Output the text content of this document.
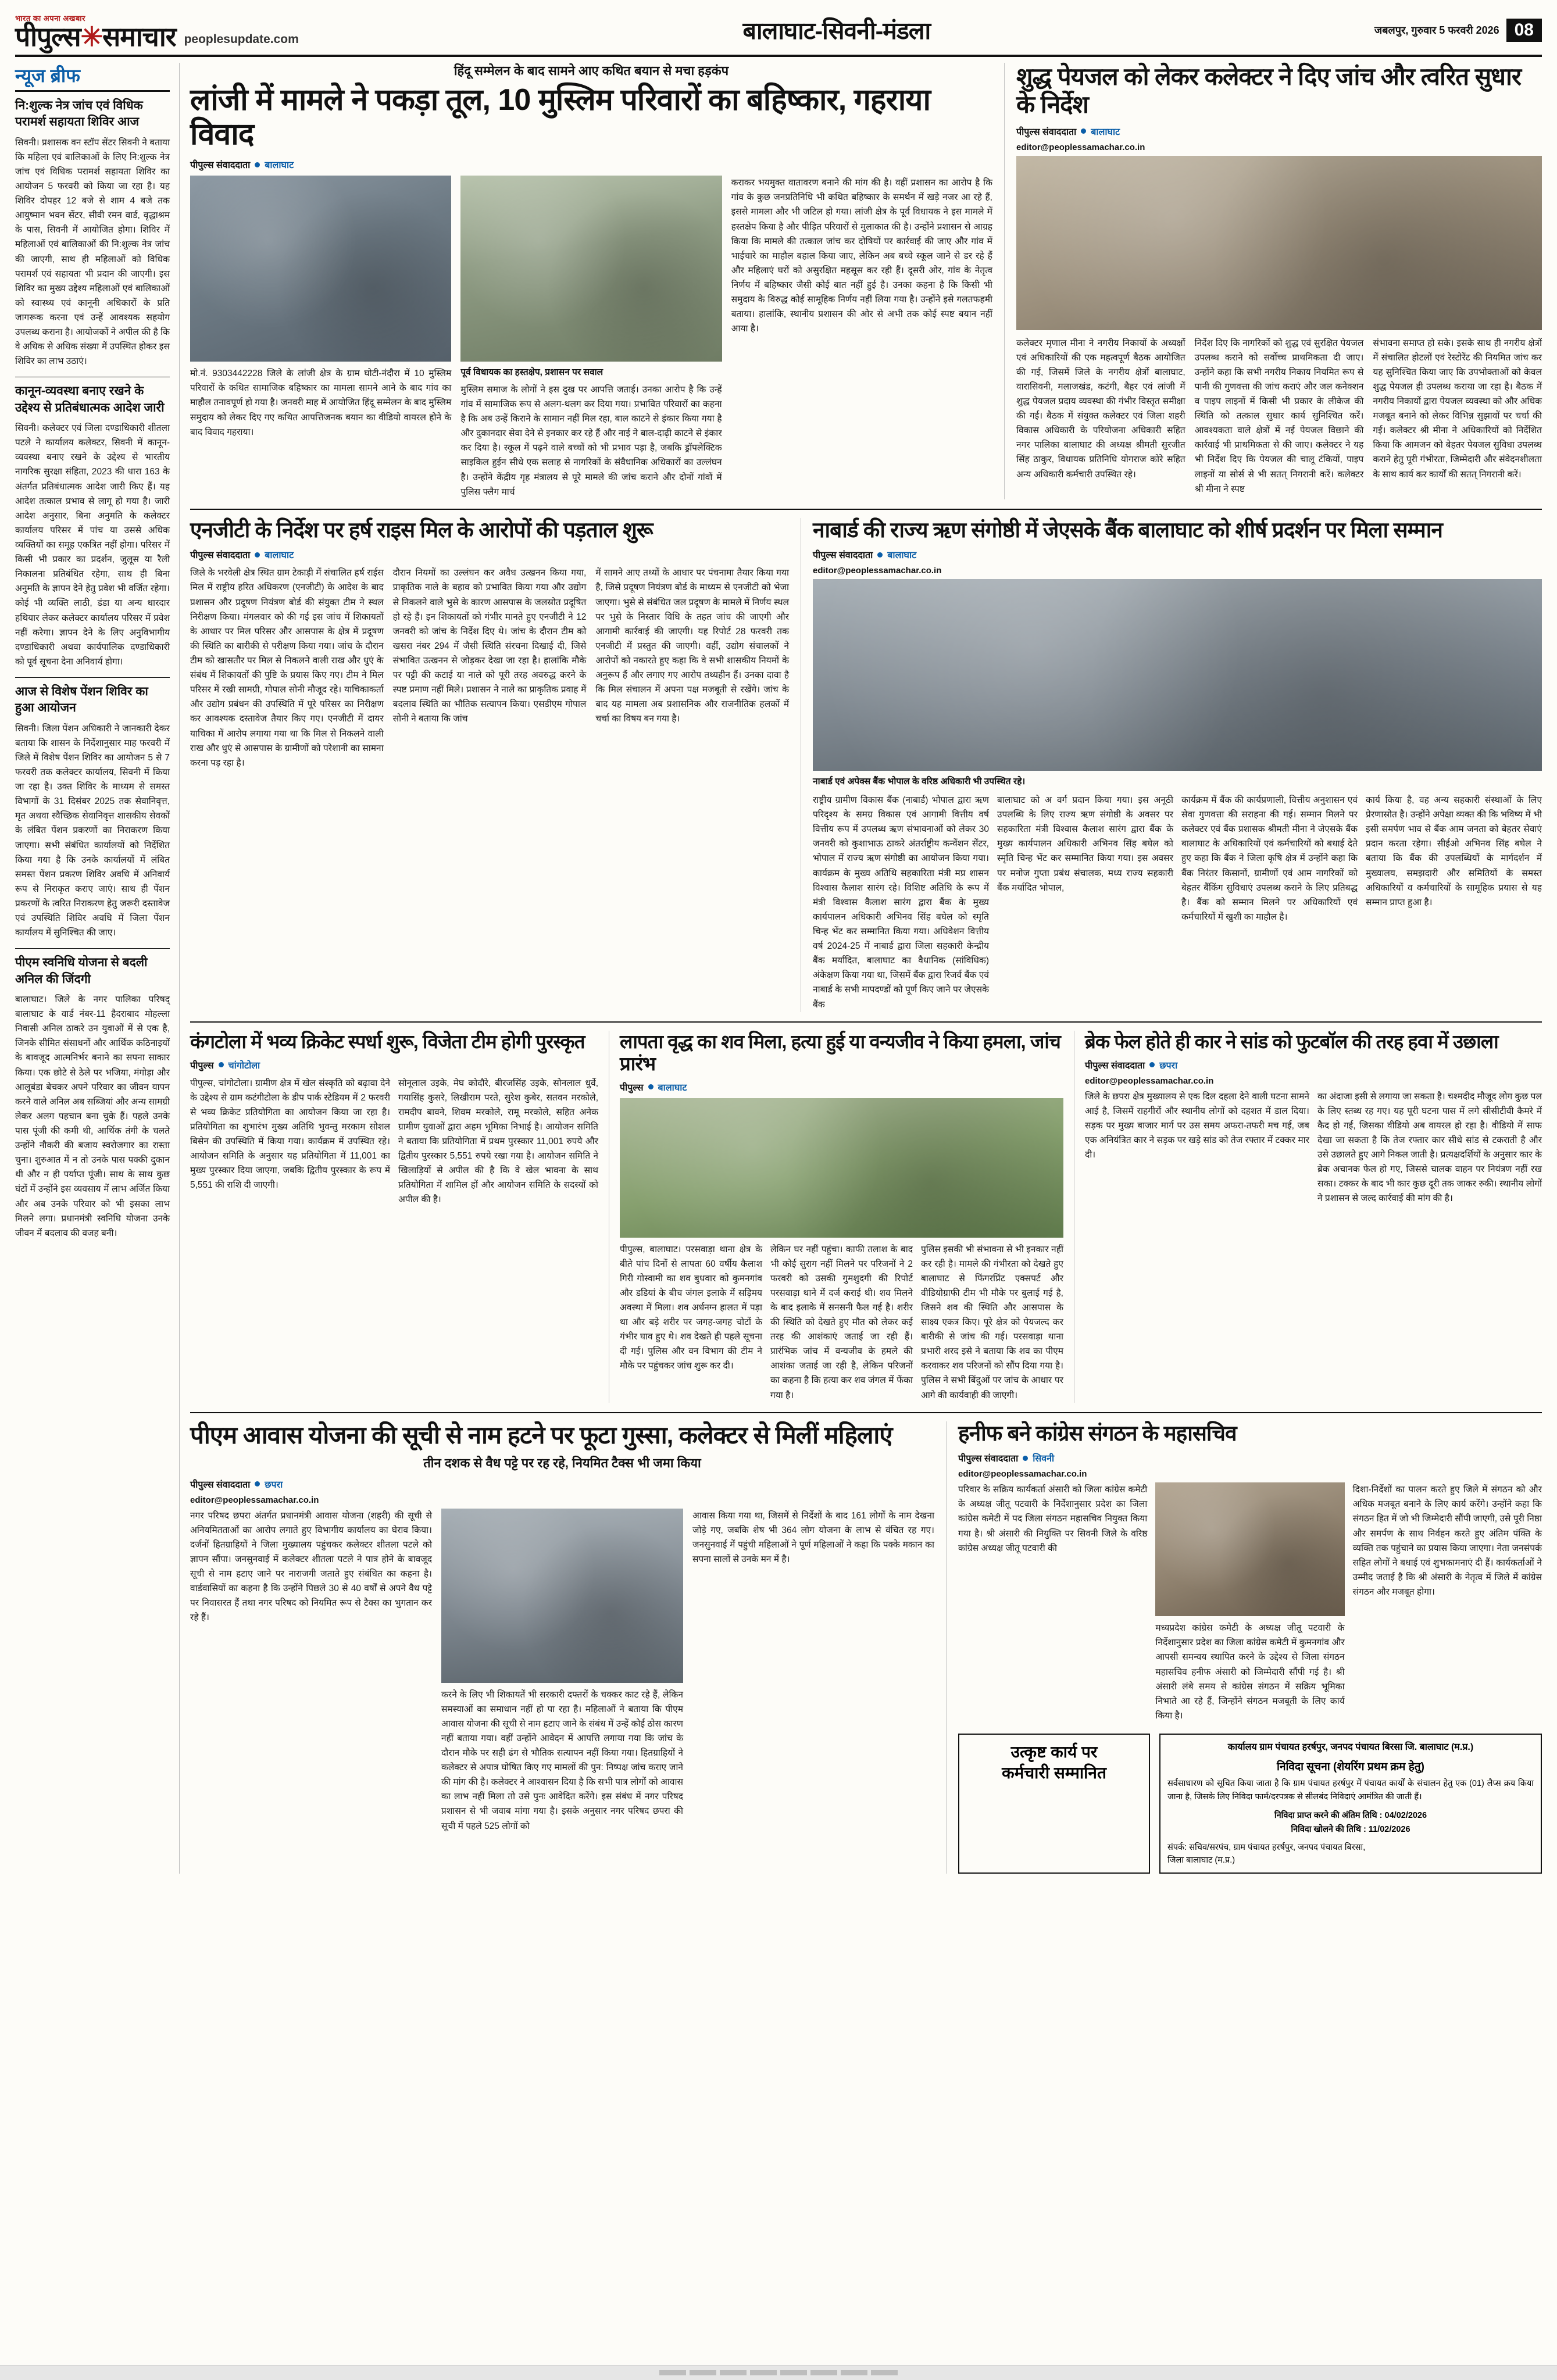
भारत का अपना अखबार
पीपुल्स✳समाचार peoplesupdate.com	बालाघाट-सिवनी-मंडला	जबलपुर, गुरुवार 5 फरवरी 2026 08
न्यूज ब्रीफ
नि:शुल्क नेत्र जांच एवं विधिक परामर्श सहायता शिविर आज
सिवनी। प्रशासक वन स्टॉप सेंटर सिवनी ने बताया कि महिला एवं बालिकाओं के लिए नि:शुल्क नेत्र जांच एवं विधिक परामर्श सहायता शिविर का आयोजन 5 फरवरी को किया जा रहा है। यह शिविर दोपहर 12 बजे से शाम 4 बजे तक आयुष्मान भवन सेंटर, सीवी रमन वार्ड, वृद्धाश्रम के पास, सिवनी में आयोजित होगा। शिविर में महिलाओं एवं बालिकाओं की नि:शुल्क नेत्र जांच की जाएगी, साथ ही महिलाओं को विधिक परामर्श एवं सहायता भी प्रदान की जाएगी। इस शिविर का मुख्य उद्देश्य महिलाओं एवं बालिकाओं को स्वास्थ्य एवं कानूनी अधिकारों के प्रति जागरूक करना एवं उन्हें आवश्यक सहयोग उपलब्ध कराना है। आयोजकों ने अपील की है कि वे अधिक से अधिक संख्या में उपस्थित होकर इस शिविर का लाभ उठाएं।
कानून-व्यवस्था बनाए रखने के उद्देश्य से प्रतिबंधात्मक आदेश जारी
सिवनी। कलेक्टर एवं जिला दण्डाधिकारी शीतला पटले ने कार्यालय कलेक्टर, सिवनी में कानून-व्यवस्था बनाए रखने के उद्देश्य से भारतीय नागरिक सुरक्षा संहिता, 2023 की धारा 163 के अंतर्गत प्रतिबंधात्मक आदेश जारी किए हैं। यह आदेश तत्काल प्रभाव से लागू हो गया है। जारी आदेश अनुसार, बिना अनुमति के कलेक्टर कार्यालय परिसर में पांच या उससे अधिक व्यक्तियों का समूह एकत्रित नहीं होगा। परिसर में किसी भी प्रकार का प्रदर्शन, जुलूस या रैली निकालना प्रतिबंधित रहेगा, साथ ही बिना अनुमति के ज्ञापन देने हेतु प्रवेश भी वर्जित रहेगा। कोई भी व्यक्ति लाठी, डंडा या अन्य धारदार हथियार लेकर कलेक्टर कार्यालय परिसर में प्रवेश नहीं करेगा। ज्ञापन देने के लिए अनुविभागीय दण्डाधिकारी अथवा कार्यपालिक दण्डाधिकारी को पूर्व सूचना देना अनिवार्य होगा।
आज से विशेष पेंशन शिविर का हुआ आयोजन
सिवनी। जिला पेंशन अधिकारी ने जानकारी देकर बताया कि शासन के निर्देशानुसार माह फरवरी में जिले में विशेष पेंशन शिविर का आयोजन 5 से 7 फरवरी तक कलेक्टर कार्यालय, सिवनी में किया जा रहा है। उक्त शिविर के माध्यम से समस्त विभागों के 31 दिसंबर 2025 तक सेवानिवृत्त, मृत अथवा स्वैच्छिक सेवानिवृत्त शासकीय सेवकों के लंबित पेंशन प्रकरणों का निराकरण किया जाएगा। सभी संबंधित कार्यालयों को निर्देशित किया गया है कि उनके कार्यालयों में लंबित समस्त पेंशन प्रकरण शिविर अवधि में अनिवार्य रूप से निराकृत कराए जाएं। साथ ही पेंशन प्रकरणों के त्वरित निराकरण हेतु जरूरी दस्तावेज एवं उपस्थिति शिविर अवधि में जिला पेंशन कार्यालय में सुनिश्चित की जाए।
पीएम स्वनिधि योजना से बदली अनिल की जिंदगी
बालाघाट। जिले के नगर पालिका परिषद् बालाघाट के वार्ड नंबर-11 हैदराबाद मोहल्ला निवासी अनिल ठाकरे उन युवाओं में से एक है, जिनके सीमित संसाधनों और आर्थिक कठिनाइयों के बावजूद आत्मनिर्भर बनाने का सपना साकार किया। एक छोटे से ठेले पर भजिया, मंगोड़ा और आलूबंडा बेचकर अपने परिवार का जीवन यापन करने वाले अनिल अब सब्जियां और अन्य सामग्री लेकर अलग पहचान बना चुके हैं। पहले उनके पास पूंजी की कमी थी, आर्थिक तंगी के चलते उन्होंने नौकरी की बजाय स्वरोजगार का रास्ता चुना। शुरुआत में न तो उनके पास पक्की दुकान थी और न ही पर्याप्त पूंजी। साथ के साथ कुछ घंटों में उन्होंने इस व्यवसाय में लाभ अर्जित किया और अब उनके परिवार को भी इसका लाभ मिलने लगा। प्रधानमंत्री स्वनिधि योजना उनके जीवन में बदलाव की वजह बनी।
हिंदू सम्मेलन के बाद सामने आए कथित बयान से मचा हड़कंप
लांजी में मामले ने पकड़ा तूल, 10 मुस्लिम परिवारों का बहिष्कार, गहराया विवाद
पीपुल्स संवाददाता बालाघाट
मो.नं. 9303442228 जिले के लांजी क्षेत्र के ग्राम घोटी-नंदौरा में 10 मुस्लिम परिवारों के कथित सामाजिक बहिष्कार का मामला सामने आने के बाद गांव का माहौल तनावपूर्ण हो गया है। जनवरी माह में आयोजित हिंदू सम्मेलन के बाद मुस्लिम समुदाय को लेकर दिए गए कथित आपत्तिजनक बयान का वीडियो वायरल होने के बाद विवाद गहराया।
पूर्व विधायक का हस्तक्षेप, प्रशासन पर सवाल
मुस्लिम समाज के लोगों ने इस दुख पर आपत्ति जताई। उनका आरोप है कि उन्हें गांव में सामाजिक रूप से अलग-थलग कर दिया गया। प्रभावित परिवारों का कहना है कि अब उन्हें किराने के सामान नहीं मिल रहा, बाल काटने से इंकार किया गया है और दुकानदार सेवा देने से इनकार कर रहे हैं और नाई ने बाल-दाढ़ी काटने से इंकार कर दिया है। स्कूल में पढ़ने वाले बच्चों को भी प्रभाव पड़ा है, जबकि ड्रॉपलेक्टिक साइकिल हुईन सीधे एक सलाह से नागरिकों के संवैधानिक अधिकारों का उल्लंघन है। उन्होंने केंद्रीय गृह मंत्रालय से पूरे मामले की जांच कराने और दोनों गांवों में पुलिस फ्लैग मार्च
कराकर भयमुक्त वातावरण बनाने की मांग की है। वहीं प्रशासन का आरोप है कि गांव के कुछ जनप्रतिनिधि भी कथित बहिष्कार के समर्थन में खड़े नजर आ रहे हैं, इससे मामला और भी जटिल हो गया। लांजी क्षेत्र के पूर्व विधायक ने इस मामले में हस्तक्षेप किया है और पीड़ित परिवारों से मुलाकात की है। उन्होंने प्रशासन से आग्रह किया कि मामले की तत्काल जांच कर दोषियों पर कार्रवाई की जाए और गांव में भाईचारे का माहौल बहाल किया जाए, लेकिन अब बच्चे स्कूल जाने से डर रहे हैं और महिलाएं घरों को असुरक्षित महसूस कर रही हैं। दूसरी ओर, गांव के नेतृत्व निर्णय में बहिष्कार जैसी कोई बात नहीं हुई है। उनका कहना है कि किसी भी समुदाय के विरुद्ध कोई सामूहिक निर्णय नहीं लिया गया है। उन्होंने इसे गलतफहमी बताया। हालांकि, स्थानीय प्रशासन की ओर से अभी तक कोई स्पष्ट बयान नहीं आया है।
शुद्ध पेयजल को लेकर कलेक्टर ने दिए जांच और त्वरित सुधार के निर्देश
पीपुल्स संवाददाता बालाघाट
editor@peoplessamachar.co.in
कलेक्टर मृणाल मीना ने नगरीय निकायों के अध्यक्षों एवं अधिकारियों की एक महत्वपूर्ण बैठक आयोजित की गई, जिसमें जिले के नगरीय क्षेत्रों बालाघाट, वारासिवनी, मलाजखंड, कटंगी, बैहर एवं लांजी में शुद्ध पेयजल प्रदाय व्यवस्था की गंभीर विस्तृत समीक्षा की गई। बैठक में संयुक्त कलेक्टर एवं जिला शहरी विकास अधिकारी के परियोजना अधिकारी सहित नगर पालिका बालाघाट की अध्यक्ष श्रीमती सुरजीत सिंह ठाकुर, विधायक प्रतिनिधि योगराज कोरे सहित अन्य अधिकारी कर्मचारी उपस्थित रहे।
निर्देश दिए कि नागरिकों को शुद्ध एवं सुरक्षित पेयजल उपलब्ध कराने को सर्वोच्च प्राथमिकता दी जाए। उन्होंने कहा कि सभी नगरीय निकाय नियमित रूप से पानी की गुणवत्ता की जांच कराएं और जल कनेक्शन व पाइप लाइनों में किसी भी प्रकार के लीकेज की स्थिति को तत्काल सुधार कार्य सुनिश्चित करें। आवश्यकता वाले क्षेत्रों में नई पेयजल विछाने की कार्रवाई भी प्राथमिकता से की जाए। कलेक्टर ने यह भी निर्देश दिए कि पेयजल की चालू टंकियों, पाइप लाइनों या सोर्स से भी सतत् निगरानी करें। कलेक्टर श्री मीना ने स्पष्ट
संभावना समाप्त हो सके। इसके साथ ही नगरीय क्षेत्रों में संचालित होटलों एवं रेस्टोरेंट की नियमित जांच कर यह सुनिश्चित किया जाए कि उपभोक्ताओं को केवल शुद्ध पेयजल ही उपलब्ध कराया जा रहा है। बैठक में नगरीय निकायों द्वारा पेयजल व्यवस्था को और अधिक मजबूत बनाने को लेकर विभिन्न सुझावों पर चर्चा की गई। कलेक्टर श्री मीना ने अधिकारियों को निर्देशित किया कि आमजन को बेहतर पेयजल सुविधा उपलब्ध कराने हेतु पूरी गंभीरता, जिम्मेदारी और संवेदनशीलता के साथ कार्य कर कार्यों की सतत् निगरानी करें।
एनजीटी के निर्देश पर हर्ष राइस मिल के आरोपों की पड़ताल शुरू
पीपुल्स संवाददाता बालाघाट
जिले के भरवेली क्षेत्र स्थित ग्राम टेकाड़ी में संचालित हर्ष राईस मिल में राष्ट्रीय हरित अधिकरण (एनजीटी) के आदेश के बाद प्रशासन और प्रदूषण नियंत्रण बोर्ड की संयुक्त टीम ने स्थल निरीक्षण किया। मंगलवार को की गई इस जांच में शिकायतों के आधार पर मिल परिसर और आसपास के क्षेत्र में प्रदूषण की स्थिति का बारीकी से परीक्षण किया गया। जांच के दौरान टीम को खासतौर पर मिल से निकलने वाली राख और धुएं के संबंध में शिकायतों की पुष्टि के प्रयास किए गए। टीम ने मिल परिसर में रखी सामग्री, गोपाल सोनी मौजूद रहे। याचिकाकर्ता और उद्योग प्रबंधन की उपस्थिति में पूरे परिसर का निरीक्षण कर आवश्यक दस्तावेज तैयार किए गए। एनजीटी में दायर याचिका में आरोप लगाया गया था कि मिल से निकलने वाली राख और धुएं से आसपास के ग्रामीणों को परेशानी का सामना करना पड़ रहा है।
दौरान नियमों का उल्लंघन कर अवैध उत्खनन किया गया, प्राकृतिक नाले के बहाव को प्रभावित किया गया और उद्योग से निकलने वाले भुसे के कारण आसपास के जलस्रोत प्रदूषित हो रहे हैं। इन शिकायतों को गंभीर मानते हुए एनजीटी ने 12 जनवरी को जांच के निर्देश दिए थे। जांच के दौरान टीम को खसरा नंबर 294 में जैसी स्थिति संरचना दिखाई दी, जिसे संभावित उत्खनन से जोड़कर देखा जा रहा है। हालांकि मौके पर पट्टी की कटाई या नाले को पूरी तरह अवरुद्ध करने के स्पष्ट प्रमाण नहीं मिले। प्रशासन ने नाले का प्राकृतिक प्रवाह में बदलाव स्थिति का भौतिक सत्यापन किया। एसडीएम गोपाल सोनी ने बताया कि जांच
में सामने आए तथ्यों के आधार पर पंचनामा तैयार किया गया है, जिसे प्रदूषण नियंत्रण बोर्ड के माध्यम से एनजीटी को भेजा जाएगा। भुसे से संबंधित जल प्रदूषण के मामले में निर्णय स्थल पर भुसे के निस्तार विधि के तहत जांच की जाएगी और आगामी कार्रवाई की जाएगी। यह रिपोर्ट 28 फरवरी तक एनजीटी में प्रस्तुत की जाएगी। वहीं, उद्योग संचालकों ने आरोपों को नकारते हुए कहा कि वे सभी शासकीय नियमों के अनुरूप हैं और लगाए गए आरोप तथ्यहीन हैं। उनका दावा है कि मिल संचालन में अपना पक्ष मजबूती से रखेंगे। जांच के बाद यह मामला अब प्रशासनिक और राजनीतिक हलकों में चर्चा का विषय बन गया है।
नाबार्ड की राज्य ऋण संगोष्ठी में जेएसके बैंक बालाघाट को शीर्ष प्रदर्शन पर मिला सम्मान
पीपुल्स संवाददाता बालाघाट
editor@peoplessamachar.co.in
नाबार्ड एवं अपेक्स बैंक भोपाल के वरिष्ठ अधिकारी भी उपस्थित रहे।
राष्ट्रीय ग्रामीण विकास बैंक (नाबार्ड) भोपाल द्वारा ऋण परिदृश्य के समग्र विकास एवं आगामी वित्तीय वर्ष वित्तीय रूप में उपलब्ध ऋण संभावनाओं को लेकर 30 जनवरी को कुशाभाऊ ठाकरे अंतर्राष्ट्रीय कन्वेंशन सेंटर, भोपाल में राज्य ऋण संगोष्ठी का आयोजन किया गया। कार्यक्रम के मुख्य अतिथि सहकारिता मंत्री मप्र शासन विश्वास कैलाश सारंग रहे। विशिष्ट अतिथि के रूप में मंत्री विश्वास कैलाश सारंग द्वारा बैंक के मुख्य कार्यपालन अधिकारी अभिनव सिंह बघेल को स्मृति चिन्ह भेंट कर सम्मानित किया गया। अधिवेशन वित्तीय वर्ष 2024-25 में नाबार्ड द्वारा जिला सहकारी केन्द्रीय बैंक मर्यादित, बालाघाट का वैधानिक (सांविधिक) अंकेक्षण किया गया था, जिसमें बैंक द्वारा रिजर्व बैंक एवं नाबार्ड के सभी मापदण्डों को पूर्ण किए जाने पर जेएसके बैंक
बालाघाट को अ वर्ग प्रदान किया गया। इस अनूठी उपलब्धि के लिए राज्य ऋण संगोष्ठी के अवसर पर सहकारिता मंत्री विश्वास कैलाश सारंग द्वारा बैंक के मुख्य कार्यपालन अधिकारी अभिनव सिंह बघेल को स्मृति चिन्ह भेंट कर सम्मानित किया गया। इस अवसर पर मनोज गुप्ता प्रबंध संचालक, मध्य राज्य सहकारी बैंक मर्यादित भोपाल,
कार्यक्रम में बैंक की कार्यप्रणाली, वित्तीय अनुशासन एवं सेवा गुणवत्ता की सराहना की गई। सम्मान मिलने पर कलेक्टर एवं बैंक प्रशासक श्रीमती मीना ने जेएसके बैंक बालाघाट के अधिकारियों एवं कर्मचारियों को बधाई देते हुए कहा कि बैंक ने जिला कृषि क्षेत्र में उन्होंने कहा कि बैंक निरंतर किसानों, ग्रामीणों एवं आम नागरिकों को बेहतर बैंकिंग सुविधाएं उपलब्ध कराने के लिए प्रतिबद्ध है। बैंक को सम्मान मिलने पर अधिकारियों एवं कर्मचारियों में खुशी का माहौल है।
कार्य किया है, वह अन्य सहकारी संस्थाओं के लिए प्रेरणास्रोत है। उन्होंने अपेक्षा व्यक्त की कि भविष्य में भी इसी समर्पण भाव से बैंक आम जनता को बेहतर सेवाएं प्रदान करता रहेगा। सीईओ अभिनव सिंह बघेल ने बताया कि बैंक की उपलब्धियों के मार्गदर्शन में मुख्यालय, समझदारी और समितियों के समस्त अधिकारियों व कर्मचारियों के सामूहिक प्रयास से यह सम्मान प्राप्त हुआ है।
कंगटोला में भव्य क्रिकेट स्पर्धा शुरू, विजेता टीम होगी पुरस्कृत
पीपुल्स चांगोटोला
पीपुल्स, चांगोटोला। ग्रामीण क्षेत्र में खेल संस्कृति को बढ़ावा देने के उद्देश्य से ग्राम कटंगीटोला के डीप पार्क स्टेडियम में 2 फरवरी से भव्य क्रिकेट प्रतियोगिता का आयोजन किया जा रहा है। प्रतियोगिता का शुभारंभ मुख्य अतिथि भुवन्तु मरकाम सोशल बिसेन की उपस्थिति में किया गया। कार्यक्रम में उपस्थित रहे। आयोजन समिति के अनुसार यह प्रतियोगिता में 11,001 का मुख्य पुरस्कार दिया जाएगा, जबकि द्वितीय पुरस्कार के रूप में 5,551 की राशि दी जाएगी।
सोनूलाल उइके, मेघ कोदौरे, बीरजसिंह उइके, सोनलाल धुर्वे, गयासिंह कुसरे, लिखीराम परते, सुरेश कुबेर, सतवन मरकोले, रामदीप बावने, शिवम मरकोले, रामू मरकोले, सहित अनेक ग्रामीण युवाओं द्वारा अहम भूमिका निभाई है। आयोजन समिति ने बताया कि प्रतियोगिता में प्रथम पुरस्कार 11,001 रुपये और द्वितीय पुरस्कार 5,551 रुपये रखा गया है। आयोजन समिति ने खिलाड़ियों से अपील की है कि वे खेल भावना के साथ प्रतियोगिता में शामिल हों और आयोजन समिति के सदस्यों को अपील की है।
लापता वृद्ध का शव मिला, हत्या हुई या वन्यजीव ने किया हमला, जांच प्रारंभ
पीपुल्स बालाघाट
पीपुल्स, बालाघाट। परसवाड़ा थाना क्षेत्र के बीते पांच दिनों से लापता 60 वर्षीय कैलाश गिरी गोस्वामी का शव बुधवार को कुमनगांव और डडियां के बीच जंगल इलाके में सड़िमय अवस्था में मिला। शव अर्धनग्न हालत में पड़ा था और बड़े शरीर पर जगह-जगह चोटों के गंभीर घाव हुए थे। शव देखते ही पहले सूचना दी गई। पुलिस और वन विभाग की टीम ने मौके पर पहुंचकर जांच शुरू कर दी।
लेकिन घर नहीं पहुंचा। काफी तलाश के बाद भी कोई सुराग नहीं मिलने पर परिजनों ने 2 फरवरी को उसकी गुमशुदगी की रिपोर्ट परसवाड़ा थाने में दर्ज कराई थी। शव मिलने के बाद इलाके में सनसनी फैल गई है। शरीर की स्थिति को देखते हुए मौत को लेकर कई तरह की आशंकाएं जताई जा रही हैं। प्रारंभिक जांच में वन्यजीव के हमले की आशंका जताई जा रही है, लेकिन परिजनों का कहना है कि हत्या कर शव जंगल में फेंका गया है।
पुलिस इसकी भी संभावना से भी इनकार नहीं कर रही है। मामले की गंभीरता को देखते हुए बालाघाट से फिंगरप्रिंट एक्सपर्ट और वीडियोग्राफी टीम भी मौके पर बुलाई गई है, जिसने शव की स्थिति और आसपास के साक्ष्य एकत्र किए। पूरे क्षेत्र को पेयजल्द कर बारीकी से जांच की गई। परसवाड़ा थाना प्रभारी शरद इसे ने बताया कि शव का पीएम करवाकर शव परिजनों को सौंप दिया गया है। पुलिस ने सभी बिंदुओं पर जांच के आधार पर आगे की कार्यवाही की जाएगी।
ब्रेक फेल होते ही कार ने सांड को फुटबॉल की तरह हवा में उछाला
पीपुल्स संवाददाता छपरा
editor@peoplessamachar.co.in
जिले के छपरा क्षेत्र मुख्यालय से एक दिल दहला देने वाली घटना सामने आई है, जिसमें राहगीरों और स्थानीय लोगों को दहशत में डाल दिया। सड़क पर मुख्य बाजार मार्ग पर उस समय अफरा-तफरी मच गई, जब एक अनियंत्रित कार ने सड़क पर खड़े सांड को तेज रफ्तार में टक्कर मार दी।
का अंदाजा इसी से लगाया जा सकता है। चश्मदीद मौजूद लोग कुछ पल के लिए स्तब्ध रह गए। यह पूरी घटना पास में लगे सीसीटीवी कैमरे में कैद हो गई, जिसका वीडियो अब वायरल हो रहा है। वीडियो में साफ देखा जा सकता है कि तेज रफ्तार कार सीधे सांड से टकराती है और उसे उछालते हुए आगे निकल जाती है। प्रत्यक्षदर्शियों के अनुसार कार के ब्रेक अचानक फेल हो गए, जिससे चालक वाहन पर नियंत्रण नहीं रख सका। टक्कर के बाद भी कार कुछ दूरी तक जाकर रुकी। स्थानीय लोगों ने प्रशासन से जल्द कार्रवाई की मांग की है।
पीएम आवास योजना की सूची से नाम हटने पर फूटा गुस्सा, कलेक्टर से मिलीं महिलाएं
तीन दशक से वैध पट्टे पर रह रहे, नियमित टैक्स भी जमा किया
पीपुल्स संवाददाता छपरा
editor@peoplessamachar.co.in
नगर परिषद छपरा अंतर्गत प्रधानमंत्री आवास योजना (शहरी) की सूची से अनियमितताओं का आरोप लगाते हुए विभागीय कार्यालय का घेराव किया। दर्जनों हितग्राहियों ने जिला मुख्यालय पहुंचकर कलेक्टर शीतला पटले को ज्ञापन सौंपा। जनसुनवाई में कलेक्टर शीतला पटले ने पात्र होने के बावजूद सूची से नाम हटाए जाने पर नाराजगी जताते हुए संबंधित का कहना है। वार्डवासियों का कहना है कि उन्होंने पिछले 30 से 40 वर्षों से अपने वैध पट्टे पर निवासरत हैं तथा नगर परिषद को नियमित रूप से टैक्स का भुगतान कर रहे हैं।
करने के लिए भी शिकायतें भी सरकारी दफ्तरों के चक्कर काट रहे हैं, लेकिन समस्याओं का समाधान नहीं हो पा रहा है। महिलाओं ने बताया कि पीएम आवास योजना की सूची से नाम हटाए जाने के संबंध में उन्हें कोई ठोस कारण नहीं बताया गया। वहीं उन्होंने आवेदन में आपत्ति लगाया गया कि जांच के दौरान मौके पर सही ढंग से भौतिक सत्यापन नहीं किया गया। हितग्राहियों ने कलेक्टर से अपात्र घोषित किए गए मामलों की पुन: निष्पक्ष जांच कराए जाने की मांग की है। कलेक्टर ने आश्वासन दिया है कि सभी पात्र लोगों को आवास का लाभ नहीं मिला तो उसे पुनः आवेदित करेंगे। इस संबंध में नगर परिषद प्रशासन से भी जवाब मांगा गया है। इसके अनुसार नगर परिषद छपरा की सूची में पहले 525 लोगों को
आवास किया गया था, जिसमें से निर्देशों के बाद 161 लोगों के नाम देखना जोड़े गए, जबकि शेष भी 364 लोग योजना के लाभ से वंचित रह गए। जनसुनवाई में पहुंची महिलाओं ने पूर्ण महिलाओं ने कहा कि पक्के मकान का सपना सालों से उनके मन में है।
हनीफ बने कांग्रेस संगठन के महासचिव
पीपुल्स संवाददाता सिवनी
editor@peoplessamachar.co.in
परिवार के सक्रिय कार्यकर्ता अंसारी को जिला कांग्रेस कमेटी के अध्यक्ष जीतू पटवारी के निर्देशानुसार प्रदेश का जिला कांग्रेस कमेटी में पद जिला संगठन महासचिव नियुक्त किया गया है। श्री अंसारी की नियुक्ति पर सिवनी जिले के वरिष्ठ कांग्रेस अध्यक्ष जीतू पटवारी की
मध्यप्रदेश कांग्रेस कमेटी के अध्यक्ष जीतू पटवारी के निर्देशानुसार प्रदेश का जिला कांग्रेस कमेटी में कुमनगांव और आपसी समन्वय स्थापित करने के उद्देश्य से जिला संगठन महासचिव हनीफ अंसारी को जिम्मेदारी सौंपी गई है। श्री अंसारी लंबे समय से कांग्रेस संगठन में सक्रिय भूमिका निभाते आ रहे हैं, जिन्होंने संगठन मजबूती के लिए कार्य किया है।
दिशा-निर्देशों का पालन करते हुए जिले में संगठन को और अधिक मजबूत बनाने के लिए कार्य करेंगे। उन्होंने कहा कि संगठन हित में जो भी जिम्मेदारी सौंपी जाएगी, उसे पूरी निष्ठा और समर्पण के साथ निर्वहन करते हुए अंतिम पंक्ति के व्यक्ति तक पहुंचाने का प्रयास किया जाएगा। नेता जनसंपर्क सहित लोगों ने बधाई एवं शुभकामनाएं दी हैं। कार्यकर्ताओं ने उम्मीद जताई है कि श्री अंसारी के नेतृत्व में जिले में कांग्रेस संगठन और मजबूत होगा।
उत्कृष्ट कार्य पर
कर्मचारी सम्मानित
कार्यालय ग्राम पंचायत हरर्षपुर, जनपद पंचायत बिरसा जि. बालाघाट (म.प्र.)
निविदा सूचना (शेयरिंग प्रथम क्रम हेतु)
सर्वसाधारण को सूचित किया जाता है कि ग्राम पंचायत हरर्षपुर में पंचायत कार्यों के संचालन हेतु एक (01) लैप्स क्रय किया जाना है, जिसके लिए निविदा फार्म/दरपत्रक से सीलबंद निविदाएं आमंत्रित की जाती हैं।
निविदा प्राप्त करने की अंतिम तिथि : 04/02/2026
निविदा खोलने की तिथि : 11/02/2026
संपर्क: सचिव/सरपंच, ग्राम पंचायत हरर्षपुर, जनपद पंचायत बिरसा,
जिला बालाघाट (म.प्र.)
